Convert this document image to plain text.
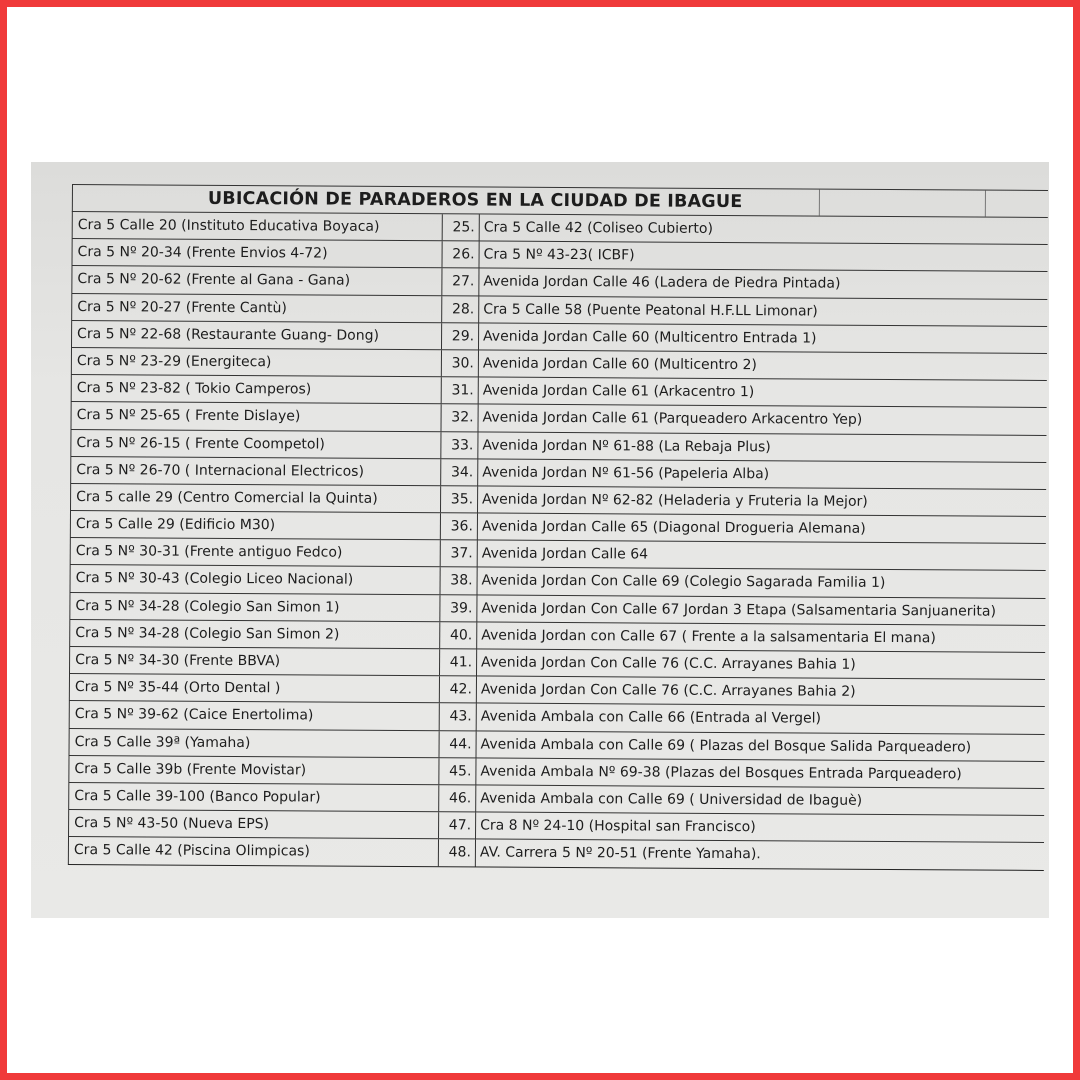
UBICACIÓN DE PARADEROS EN LA CIUDAD DE IBAGUE
Cra 5 Calle 20 (Instituto Educativa Boyaca)	25. Cra 5 Calle 42 (Coliseo Cubierto)
Cra 5 Nº 20-34 (Frente Envios 4-72)	26. Cra 5 Nº 43-23( ICBF)
Cra 5 Nº 20-62 (Frente al Gana - Gana)	27. Avenida Jordan Calle 46 (Ladera de Piedra Pintada)
Cra 5 Nº 20-27 (Frente Cantù)	28. Cra 5 Calle 58 (Puente Peatonal H.F.LL Limonar)
Cra 5 Nº 22-68 (Restaurante Guang- Dong)	29. Avenida Jordan Calle 60 (Multicentro Entrada 1)
Cra 5 Nº 23-29 (Energiteca)	30. Avenida Jordan Calle 60 (Multicentro 2)
Cra 5 Nº 23-82 ( Tokio Camperos)	31. Avenida Jordan Calle 61 (Arkacentro 1)
Cra 5 Nº 25-65 ( Frente Dislaye)	32. Avenida Jordan Calle 61 (Parqueadero Arkacentro Yep)
Cra 5 Nº 26-15 ( Frente Coompetol)	33. Avenida Jordan Nº 61-88 (La Rebaja Plus)
Cra 5 Nº 26-70 ( Internacional Electricos)	34. Avenida Jordan Nº 61-56 (Papeleria Alba)
Cra 5 calle 29 (Centro Comercial la Quinta)	35. Avenida Jordan Nº 62-82 (Heladeria y Fruteria la Mejor)
Cra 5 Calle 29 (Edificio M30)	36. Avenida Jordan Calle 65 (Diagonal Drogueria Alemana)
Cra 5 Nº 30-31 (Frente antiguo Fedco)	37. Avenida Jordan Calle 64
Cra 5 Nº 30-43 (Colegio Liceo Nacional)	38. Avenida Jordan Con Calle 69 (Colegio Sagarada Familia 1)
Cra 5 Nº 34-28 (Colegio San Simon 1)	39. Avenida Jordan Con Calle 67 Jordan 3 Etapa (Salsamentaria Sanjuanerita)
Cra 5 Nº 34-28 (Colegio San Simon 2)	40. Avenida Jordan con Calle 67 ( Frente a la salsamentaria El mana)
Cra 5 Nº 34-30 (Frente BBVA)	41. Avenida Jordan Con Calle 76 (C.C. Arrayanes Bahia 1)
Cra 5 Nº 35-44 (Orto Dental )	42. Avenida Jordan Con Calle 76 (C.C. Arrayanes Bahia 2)
Cra 5 Nº 39-62 (Caice Enertolima)	43. Avenida Ambala con Calle 66 (Entrada al Vergel)
Cra 5 Calle 39ª (Yamaha)	44. Avenida Ambala con Calle 69 ( Plazas del Bosque Salida Parqueadero)
Cra 5 Calle 39b (Frente Movistar)	45. Avenida Ambala Nº 69-38 (Plazas del Bosques Entrada Parqueadero)
Cra 5 Calle 39-100 (Banco Popular)	46. Avenida Ambala con Calle 69 ( Universidad de Ibaguè)
Cra 5 Nº 43-50 (Nueva EPS)	47. Cra 8 Nº 24-10 (Hospital san Francisco)
Cra 5 Calle 42 (Piscina Olimpicas)	48. AV. Carrera 5 Nº 20-51 (Frente Yamaha).
